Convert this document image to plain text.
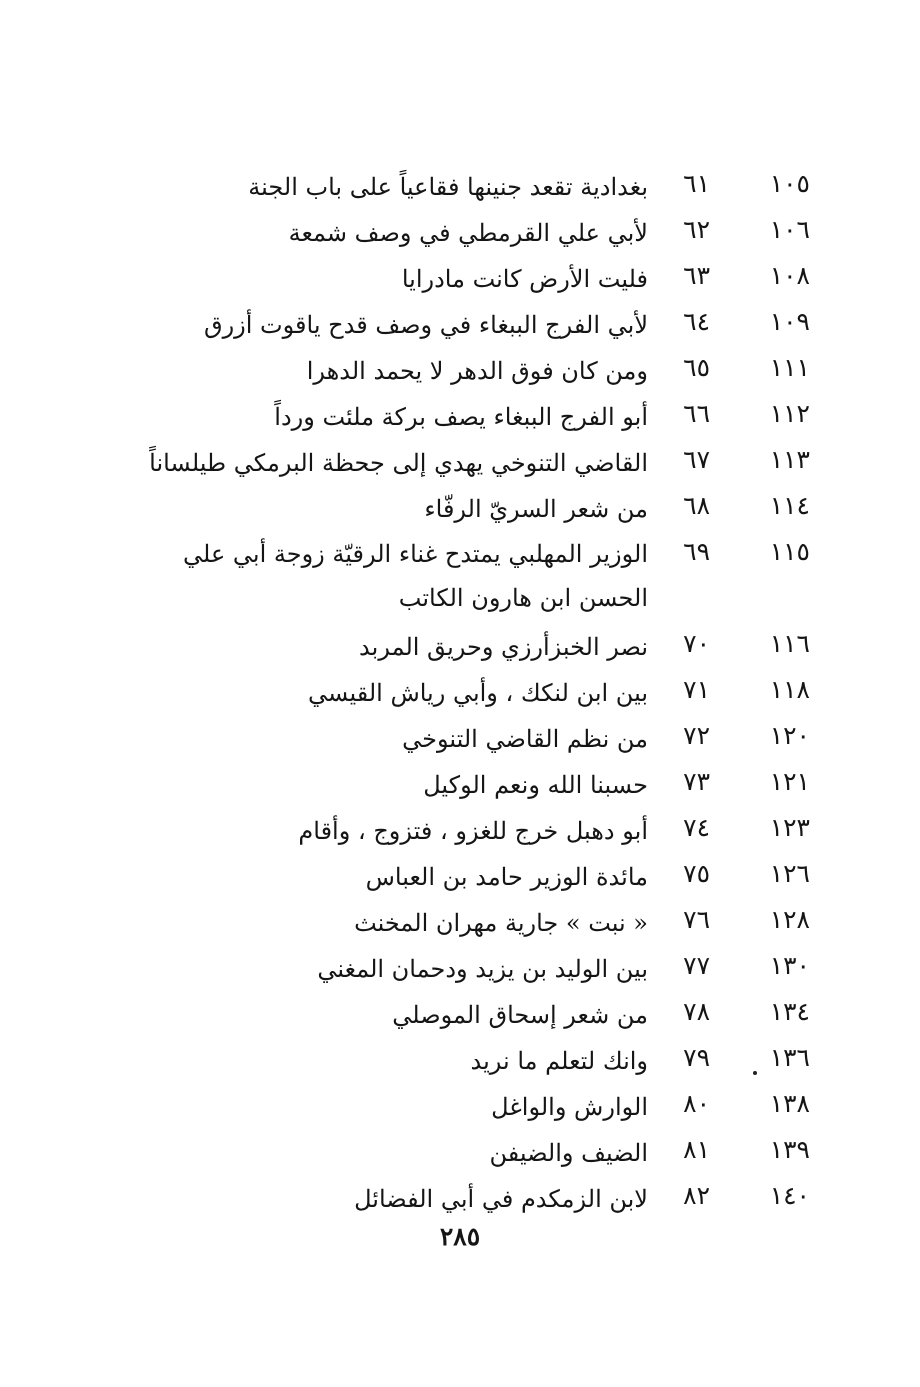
١٠٥
٦١
بغدادية تقعد جنينها فقاعياً على باب الجنة
١٠٦
٦٢
لأبي علي القرمطي في وصف شمعة
١٠٨
٦٣
فليت الأرض كانت مادرايا
١٠٩
٦٤
لأبي الفرج الببغاء في وصف قدح ياقوت أزرق
١١١
٦٥
ومن كان فوق الدهر لا يحمد الدهرا
١١٢
٦٦
أبو الفرج الببغاء يصف بركة ملئت ورداً
١١٣
٦٧
القاضي التنوخي يهدي إلى جحظة البرمكي طيلساناً
١١٤
٦٨
من شعر السريّ الرفّاء
١١٥
٦٩
الوزير المهلبي يمتدح غناء الرقيّة زوجة أبي علي الحسن ابن هارون الكاتب
١١٦
٧٠
نصر الخبزأرزي وحريق المربد
١١٨
٧١
بين ابن لنكك ، وأبي رياش القيسي
١٢٠
٧٢
من نظم القاضي التنوخي
١٢١
٧٣
حسبنا الله ونعم الوكيل
١٢٣
٧٤
أبو دهبل خرج للغزو ، فتزوج ، وأقام
١٢٦
٧٥
مائدة الوزير حامد بن العباس
١٢٨
٧٦
« نبت » جارية مهران المخنث
١٣٠
٧٧
بين الوليد بن يزيد ودحمان المغني
١٣٤
٧٨
من شعر إسحاق الموصلي
١٣٦
٧٩
وانك لتعلم ما نريد
١٣٨
٨٠
الوارش والواغل
١٣٩
٨١
الضيف والضيفن
١٤٠
٨٢
لابن الزمكدم في أبي الفضائل
٢٨٥
